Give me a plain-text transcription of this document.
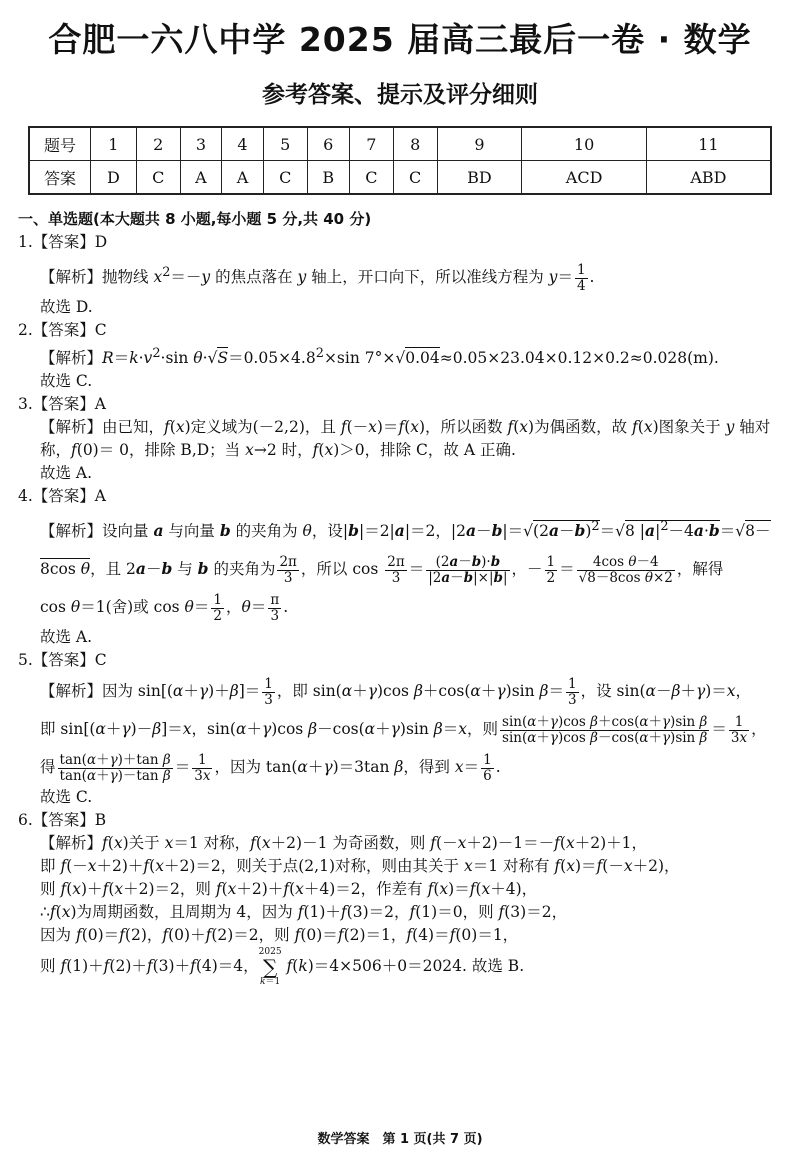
合肥一六八中学 2025 届高三最后一卷 · 数学
参考答案、提示及评分细则
题号	1	2	3	4	5	6	7	8	9	10	11
答案	D	C	A	A	C	B	C	C	BD	ACD	ABD
一、单选题(本大题共 8 小题,每小题 5 分,共 40 分)
1.【答案】D
【解析】抛物线 $x^2=-y$ 的焦点落在 y 轴上，开口向下，所以准线方程为 $y= \frac{1}{4}$ .
故选 D.
2.【答案】C
【解析】$R=k\cdot v^2\cdot\sin$ $\theta\cdot√S=0.05\times 4.8^2\times\sin$ 7°×√0.04≈0.05×23.04×0.12×0.2≈0.028(m).
故选 C.
3.【答案】A
【解析】由已知，f(x)定义域为(－2,2)，且 f(－x)＝f(x)，所以函数 f(x)为偶函数，故 f(x)图象关于 y 轴对称，f(0)＝ 0，排除 B,D；当 x→2 时，f(x)＞0，排除 C，故 A 正确.
故选 A.
4.【答案】A
【解析】设向量 a 与向量 b 的夹角为 θ，设|b|＝2|a|＝2，$|2a-b|=√(2a-b)^2=√8$ $|a|^2-4a\cdot b=√8-8\cos$ θ，且 2a－b 与 b 的夹角为 $\frac{2\pi}{3}$ ，所以 $\cos \frac{2\pi}{3} = \frac{(2a-b)\cdot b}{|2a-b|\times|b|}$ ，－ $\frac{1}{2} = \frac{\text{4cos θ－4}}{\text{√8－8cos θ×2}}$ ，解得
cos θ＝1(舍)或 $\cos \theta= \frac{1}{2}$ ，$\theta= \frac{\pi}{3}$ .
故选 A.
5.【答案】C
【解析】因为 $\sin[(\alpha+\gamma)+\beta]= \frac{1}{3}$ ，即 sin(α＋γ)cos β＋cos(α＋γ)sin $\beta= \frac{1}{3}$ ，设 sin(α－β＋γ)＝x，
即 sin[(α＋γ)－β]＝x，sin(α＋γ)cos β－cos(α＋γ)sin β＝x，则 $\frac{\text{sin(α＋γ)cos β＋cos(α＋γ)sin β}}{\text{sin(α＋γ)cos β－cos(α＋γ)sin β}} = \frac{1}{3x}$ ，
得 $\frac{\text{tan(α＋γ)＋tan β}}{\text{tan(α＋γ)－tan β}} = \frac{1}{3x}$ ，因为 tan(α＋γ)＝3tan β，得到 $x= \frac{1}{6}$ .
故选 C.
6.【答案】B
【解析】f(x)关于 x＝1 对称，f(x＋2)－1 为奇函数，则 f(－x＋2)－1＝－f(x＋2)＋1，
即 f(－x＋2)＋f(x＋2)＝2，则关于点(2,1)对称，则由其关于 x＝1 对称有 f(x)＝f(－x＋2)，
则 f(x)＋f(x＋2)＝2，则 f(x＋2)＋f(x＋4)＝2，作差有 f(x)＝f(x＋4)，
∴f(x)为周期函数，且周期为 4，因为 f(1)＋f(3)＝2，f(1)＝0，则 f(3)＝2，
因为 f(0)＝f(2)，f(0)＋f(2)＝2，则 f(0)＝f(2)＝1，f(4)＝f(0)＝1，
则 f(1)＋f(2)＋f(3)＋f(4)＝4，2025
∑
k＝1 f(k)＝4×506＋0＝2024. 故选 B.
数学答案　第 1 页(共 7 页)
